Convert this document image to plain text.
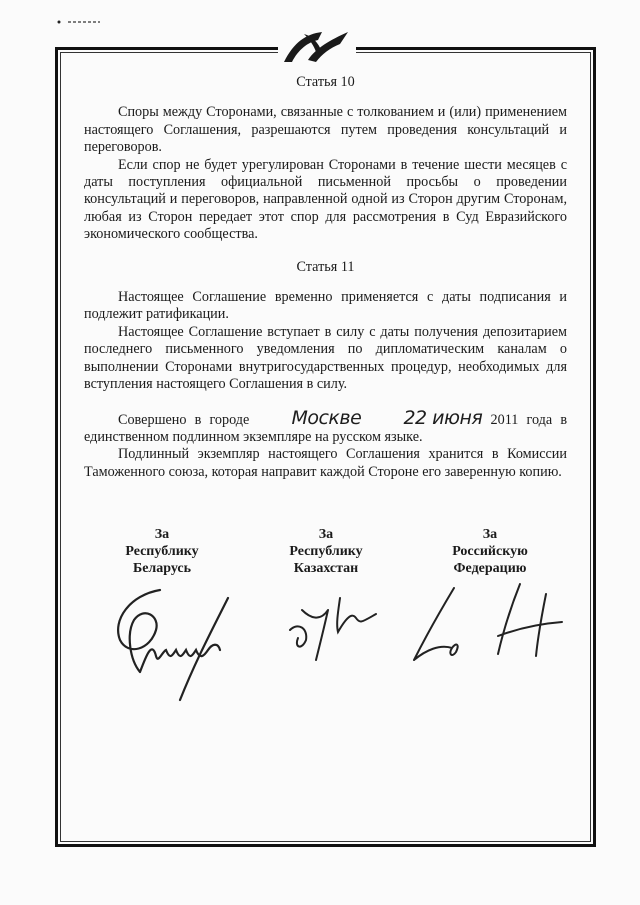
Статья 10

Споры между Сторонами, связанные с толкованием и (или) применением настоящего Соглашения, разрешаются путем проведения консультаций и переговоров.

Если спор не будет урегулирован Сторонами в течение шести месяцев с даты поступления официальной письменной просьбы о проведении консультаций и переговоров, направленной одной из Сторон другим Сторонам, любая из Сторон передает этот спор для рассмотрения в Суд Евразийского экономического сообщества.

Статья 11

Настоящее Соглашение временно применяется с даты подписания и подлежит ратификации.

Настоящее Соглашение вступает в силу с даты получения депозитарием последнего письменного уведомления по дипломатическим каналам о выполнении Сторонами внутригосударственных процедур, необходимых для вступления настоящего Соглашения в силу.

Совершено в городе Москве 22 июня 2011 года в единственном подлинном экземпляре на русском языке.

Подлинный экземпляр настоящего Соглашения хранится в Комиссии Таможенного союза, которая направит каждой Стороне его заверенную копию.

За
Республику
Беларусь
За
Республику
Казахстан
За
Российскую
Федерацию
